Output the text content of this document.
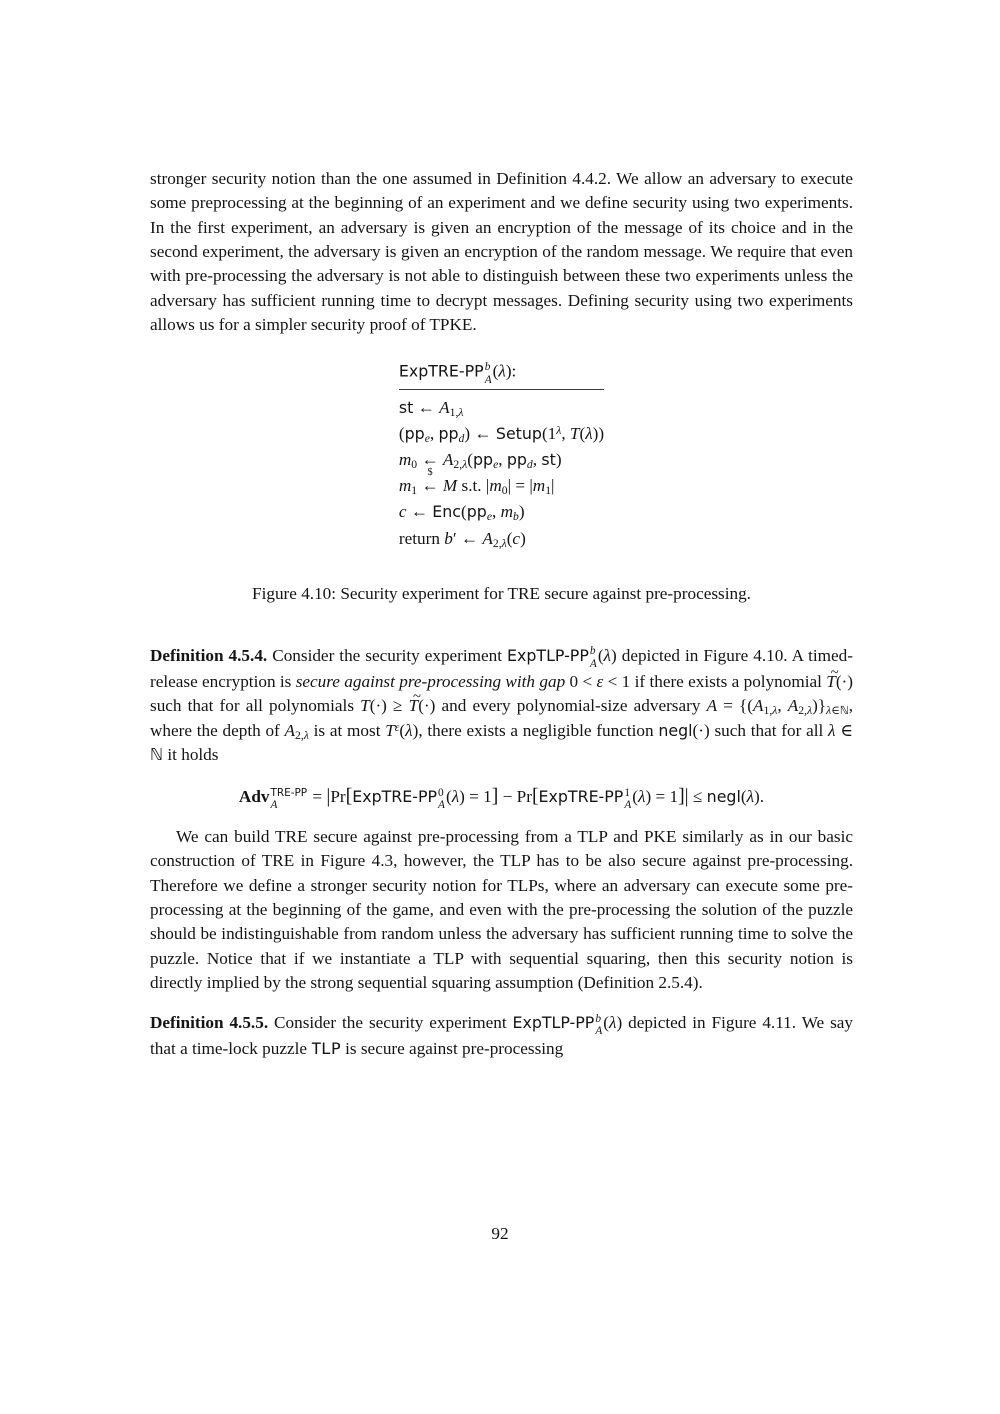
stronger security notion than the one assumed in Definition 4.4.2. We allow an adversary to execute some preprocessing at the beginning of an experiment and we define security using two experiments. In the first experiment, an adversary is given an encryption of the message of its choice and in the second experiment, the adversary is given an encryption of the random message. We require that even with pre-processing the adversary is not able to distinguish between these two experiments unless the adversary has sufficient running time to decrypt messages. Defining security using two experiments allows us for a simpler security proof of TPKE.

ExpTRE-PP b
A (λ):
st ← $A_{1,\lambda}$
($pp_e$, $pp_d$) ← $Setup(1^\lambda$, T(λ))
$m_0$ ← $A_{2,\lambda}(pp_e$, $pp_d$, st)
$m_1$ ←
$
M s.t. $|m_0| = |m_1|$
c ← $Enc(pp_e$, $m_b$)
return b′ ← $A_{2,\lambda}(c)$
Figure 4.10: Security experiment for TRE secure against pre-processing.

Definition 4.5.4. Consider the security experiment ExpTLP-PP b
A (λ) depicted in Figure 4.10. A timed-release encryption is secure against pre-processing with gap 0 < ε < 1 if there exists a polynomial T ~(·) such that for all polynomials T(·) ≥ T ~(·) and every polynomial-size adversary $A = \{(A_{1,\lambda}$, $A_{2,\lambda})\}_{\lambda\in ℕ}$, where the depth of $A_{2,\lambda}$ is at most $T^\varepsilon(\lambda)$, there exists a negligible function negl(·) such that for all λ ∈ ℕ it holds

Adv TRE-PP
A	= |Pr[ExpTRE-PP 0
A (λ) = 1] − Pr[ExpTRE-PP 1
A (λ) = 1]| ≤ negl(λ).

We can build TRE secure against pre-processing from a TLP and PKE similarly as in our basic construction of TRE in Figure 4.3, however, the TLP has to be also secure against pre-processing. Therefore we define a stronger security notion for TLPs, where an adversary can execute some pre-processing at the beginning of the game, and even with the pre-processing the solution of the puzzle should be indistinguishable from random unless the adversary has sufficient running time to solve the puzzle. Notice that if we instantiate a TLP with sequential squaring, then this security notion is directly implied by the strong sequential squaring assumption (Definition 2.5.4).

Definition 4.5.5. Consider the security experiment ExpTLP-PP b
A (λ) depicted in Figure 4.11. We say that a time-lock puzzle TLP is secure against pre-processing

92
